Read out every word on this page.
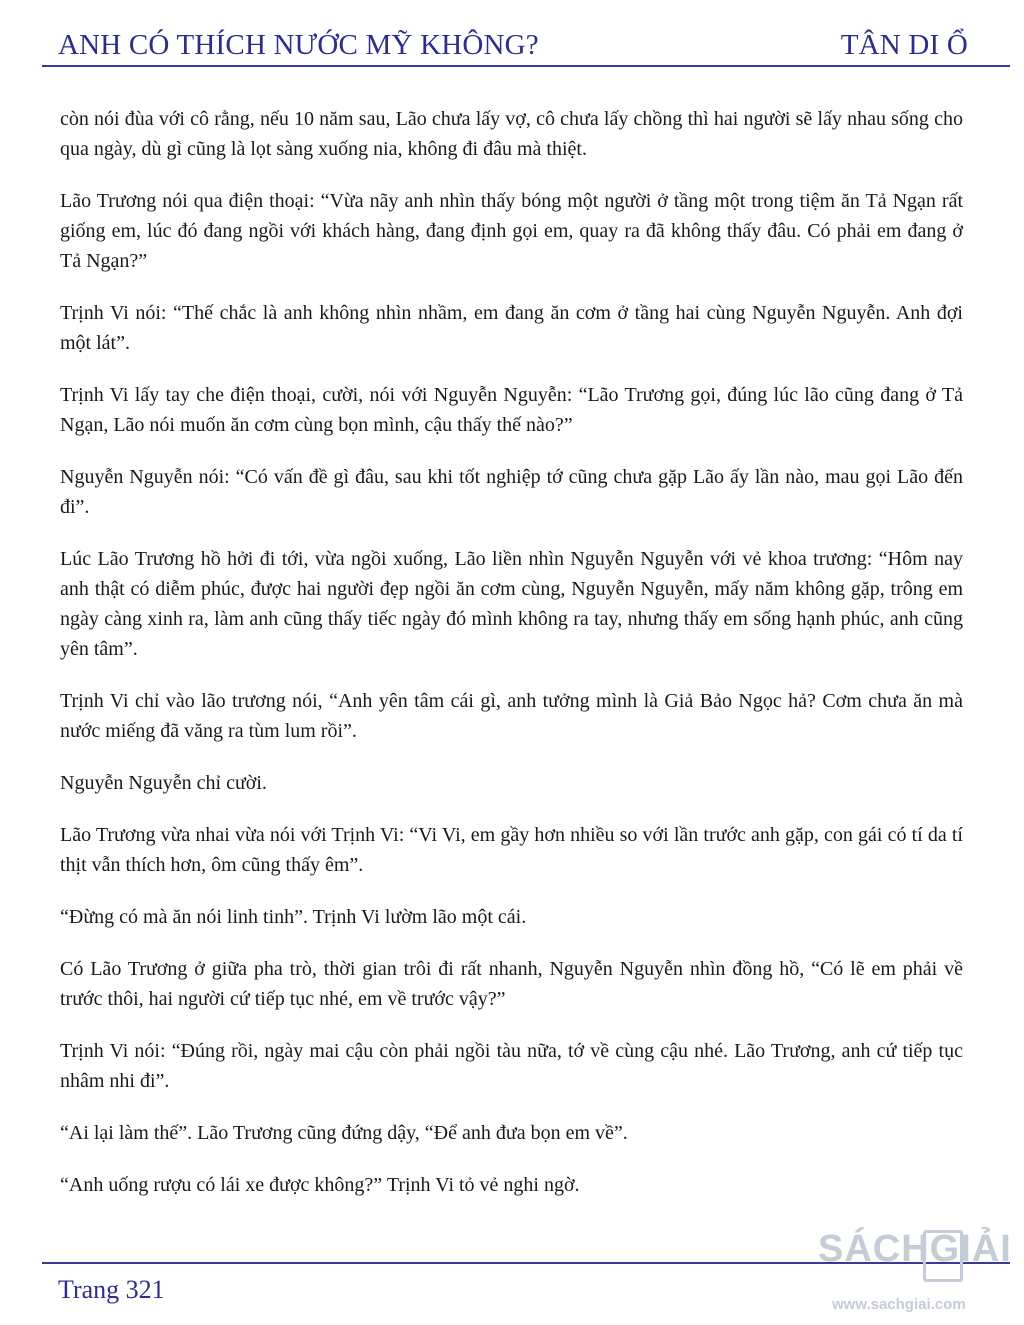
ANH CÓ THÍCH NƯỚC MỸ KHÔNG?	TÂN DI Ổ

còn nói đùa với cô rằng, nếu 10 năm sau, Lão chưa lấy vợ, cô chưa lấy chồng thì hai người sẽ lấy nhau sống cho qua ngày, dù gì cũng là lọt sàng xuống nia, không đi đâu mà thiệt.

Lão Trương nói qua điện thoại: “Vừa nãy anh nhìn thấy bóng một người ở tầng một trong tiệm ăn Tả Ngạn rất giống em, lúc đó đang ngồi với khách hàng, đang định gọi em, quay ra đã không thấy đâu. Có phải em đang ở Tả Ngạn?”

Trịnh Vi nói: “Thế chắc là anh không nhìn nhầm, em đang ăn cơm ở tầng hai cùng Nguyễn Nguyễn. Anh đợi một lát”.

Trịnh Vi lấy tay che điện thoại, cười, nói với Nguyễn Nguyễn: “Lão Trương gọi, đúng lúc lão cũng đang ở Tả Ngạn, Lão nói muốn ăn cơm cùng bọn mình, cậu thấy thế nào?”

Nguyễn Nguyễn nói: “Có vấn đề gì đâu, sau khi tốt nghiệp tớ cũng chưa gặp Lão ấy lần nào, mau gọi Lão đến đi”.

Lúc Lão Trương hồ hởi đi tới, vừa ngồi xuống, Lão liền nhìn Nguyễn Nguyễn với vẻ khoa trương: “Hôm nay anh thật có diễm phúc, được hai người đẹp ngồi ăn cơm cùng, Nguyễn Nguyễn, mấy năm không gặp, trông em ngày càng xinh ra, làm anh cũng thấy tiếc ngày đó mình không ra tay, nhưng thấy em sống hạnh phúc, anh cũng yên tâm”.

Trịnh Vi chỉ vào lão trương nói, “Anh yên tâm cái gì, anh tưởng mình là Giả Bảo Ngọc hả? Cơm chưa ăn mà nước miếng đã văng ra tùm lum rồi”.

Nguyễn Nguyễn chỉ cười.

Lão Trương vừa nhai vừa nói với Trịnh Vi: “Vi Vi, em gầy hơn nhiều so với lần trước anh gặp, con gái có tí da tí thịt vẫn thích hơn, ôm cũng thấy êm”.

“Đừng có mà ăn nói linh tinh”. Trịnh Vi lườm lão một cái.

Có Lão Trương ở giữa pha trò, thời gian trôi đi rất nhanh, Nguyễn Nguyễn nhìn đồng hồ, “Có lẽ em phải về trước thôi, hai người cứ tiếp tục nhé, em về trước vậy?”

Trịnh Vi nói: “Đúng rồi, ngày mai cậu còn phải ngồi tàu nữa, tớ về cùng cậu nhé. Lão Trương, anh cứ tiếp tục nhâm nhi đi”.

“Ai lại làm thế”. Lão Trương cũng đứng dậy, “Để anh đưa bọn em về”.

“Anh uống rượu có lái xe được không?” Trịnh Vi tỏ vẻ nghi ngờ.

Trang 321
SÁCHGIẢI
www.sachgiai.com
